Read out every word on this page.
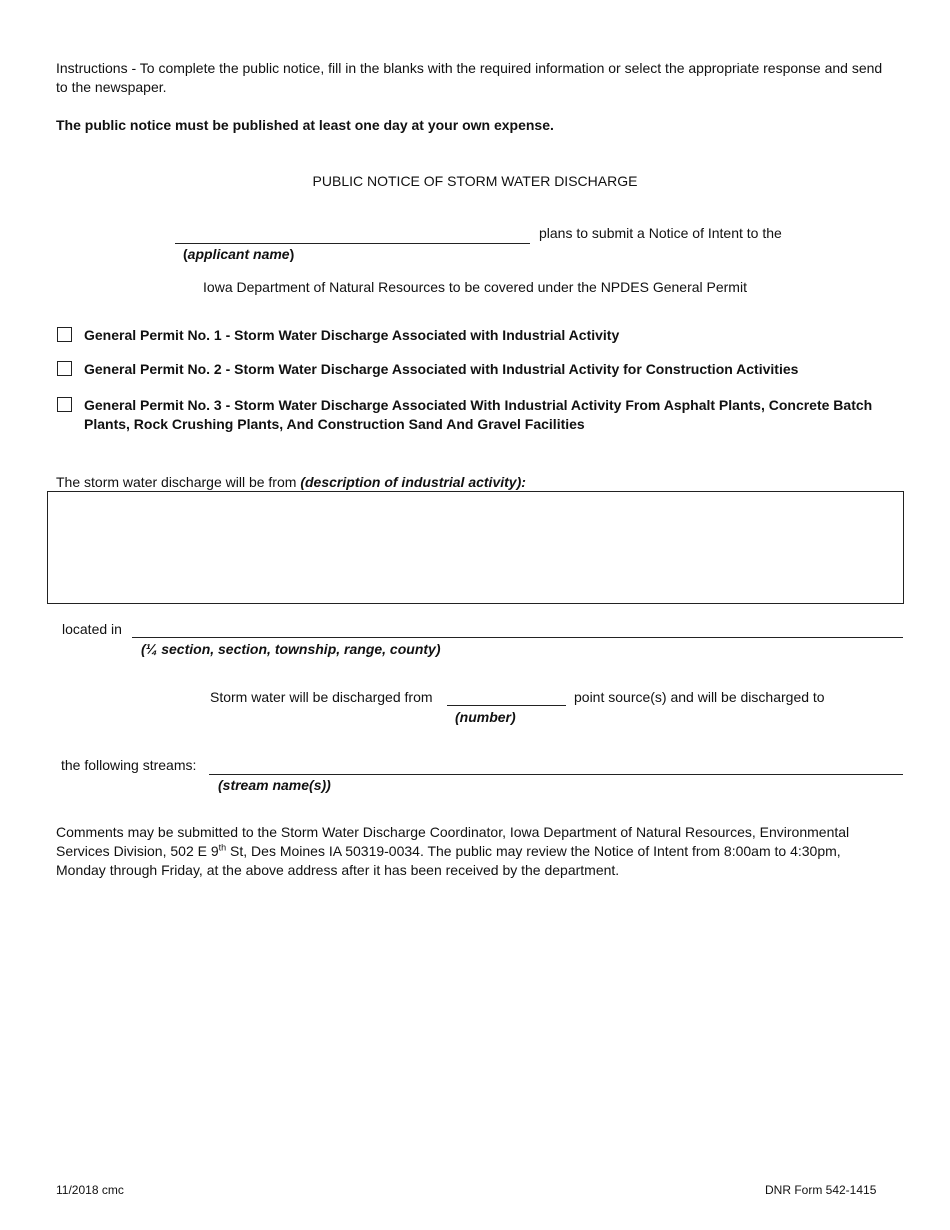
Instructions - To complete the public notice, fill in the blanks with the required information or select the appropriate response and send to the newspaper.
The public notice must be published at least one day at your own expense.
PUBLIC NOTICE OF STORM WATER DISCHARGE
plans to submit a Notice of Intent to the
(applicant name)
Iowa Department of Natural Resources to be covered under the NPDES General Permit
General Permit No. 1 - Storm Water Discharge Associated with Industrial Activity
General Permit No. 2 - Storm Water Discharge Associated with Industrial Activity for Construction Activities
General Permit No. 3 - Storm Water Discharge Associated With Industrial Activity From Asphalt Plants, Concrete Batch Plants, Rock Crushing Plants, And Construction Sand And Gravel Facilities
The storm water discharge will be from (description of industrial activity):
located in
(¼ section, section, township, range, county)
Storm water will be discharged from	point source(s) and will be discharged to
(number)
the following streams:
(stream name(s))
Comments may be submitted to the Storm Water Discharge Coordinator, Iowa Department of Natural Resources, Environmental Services Division, 502 E 9th St, Des Moines IA 50319-0034. The public may review the Notice of Intent from 8:00am to 4:30pm, Monday through Friday, at the above address after it has been received by the department.
11/2018 cmc	DNR Form 542-1415
